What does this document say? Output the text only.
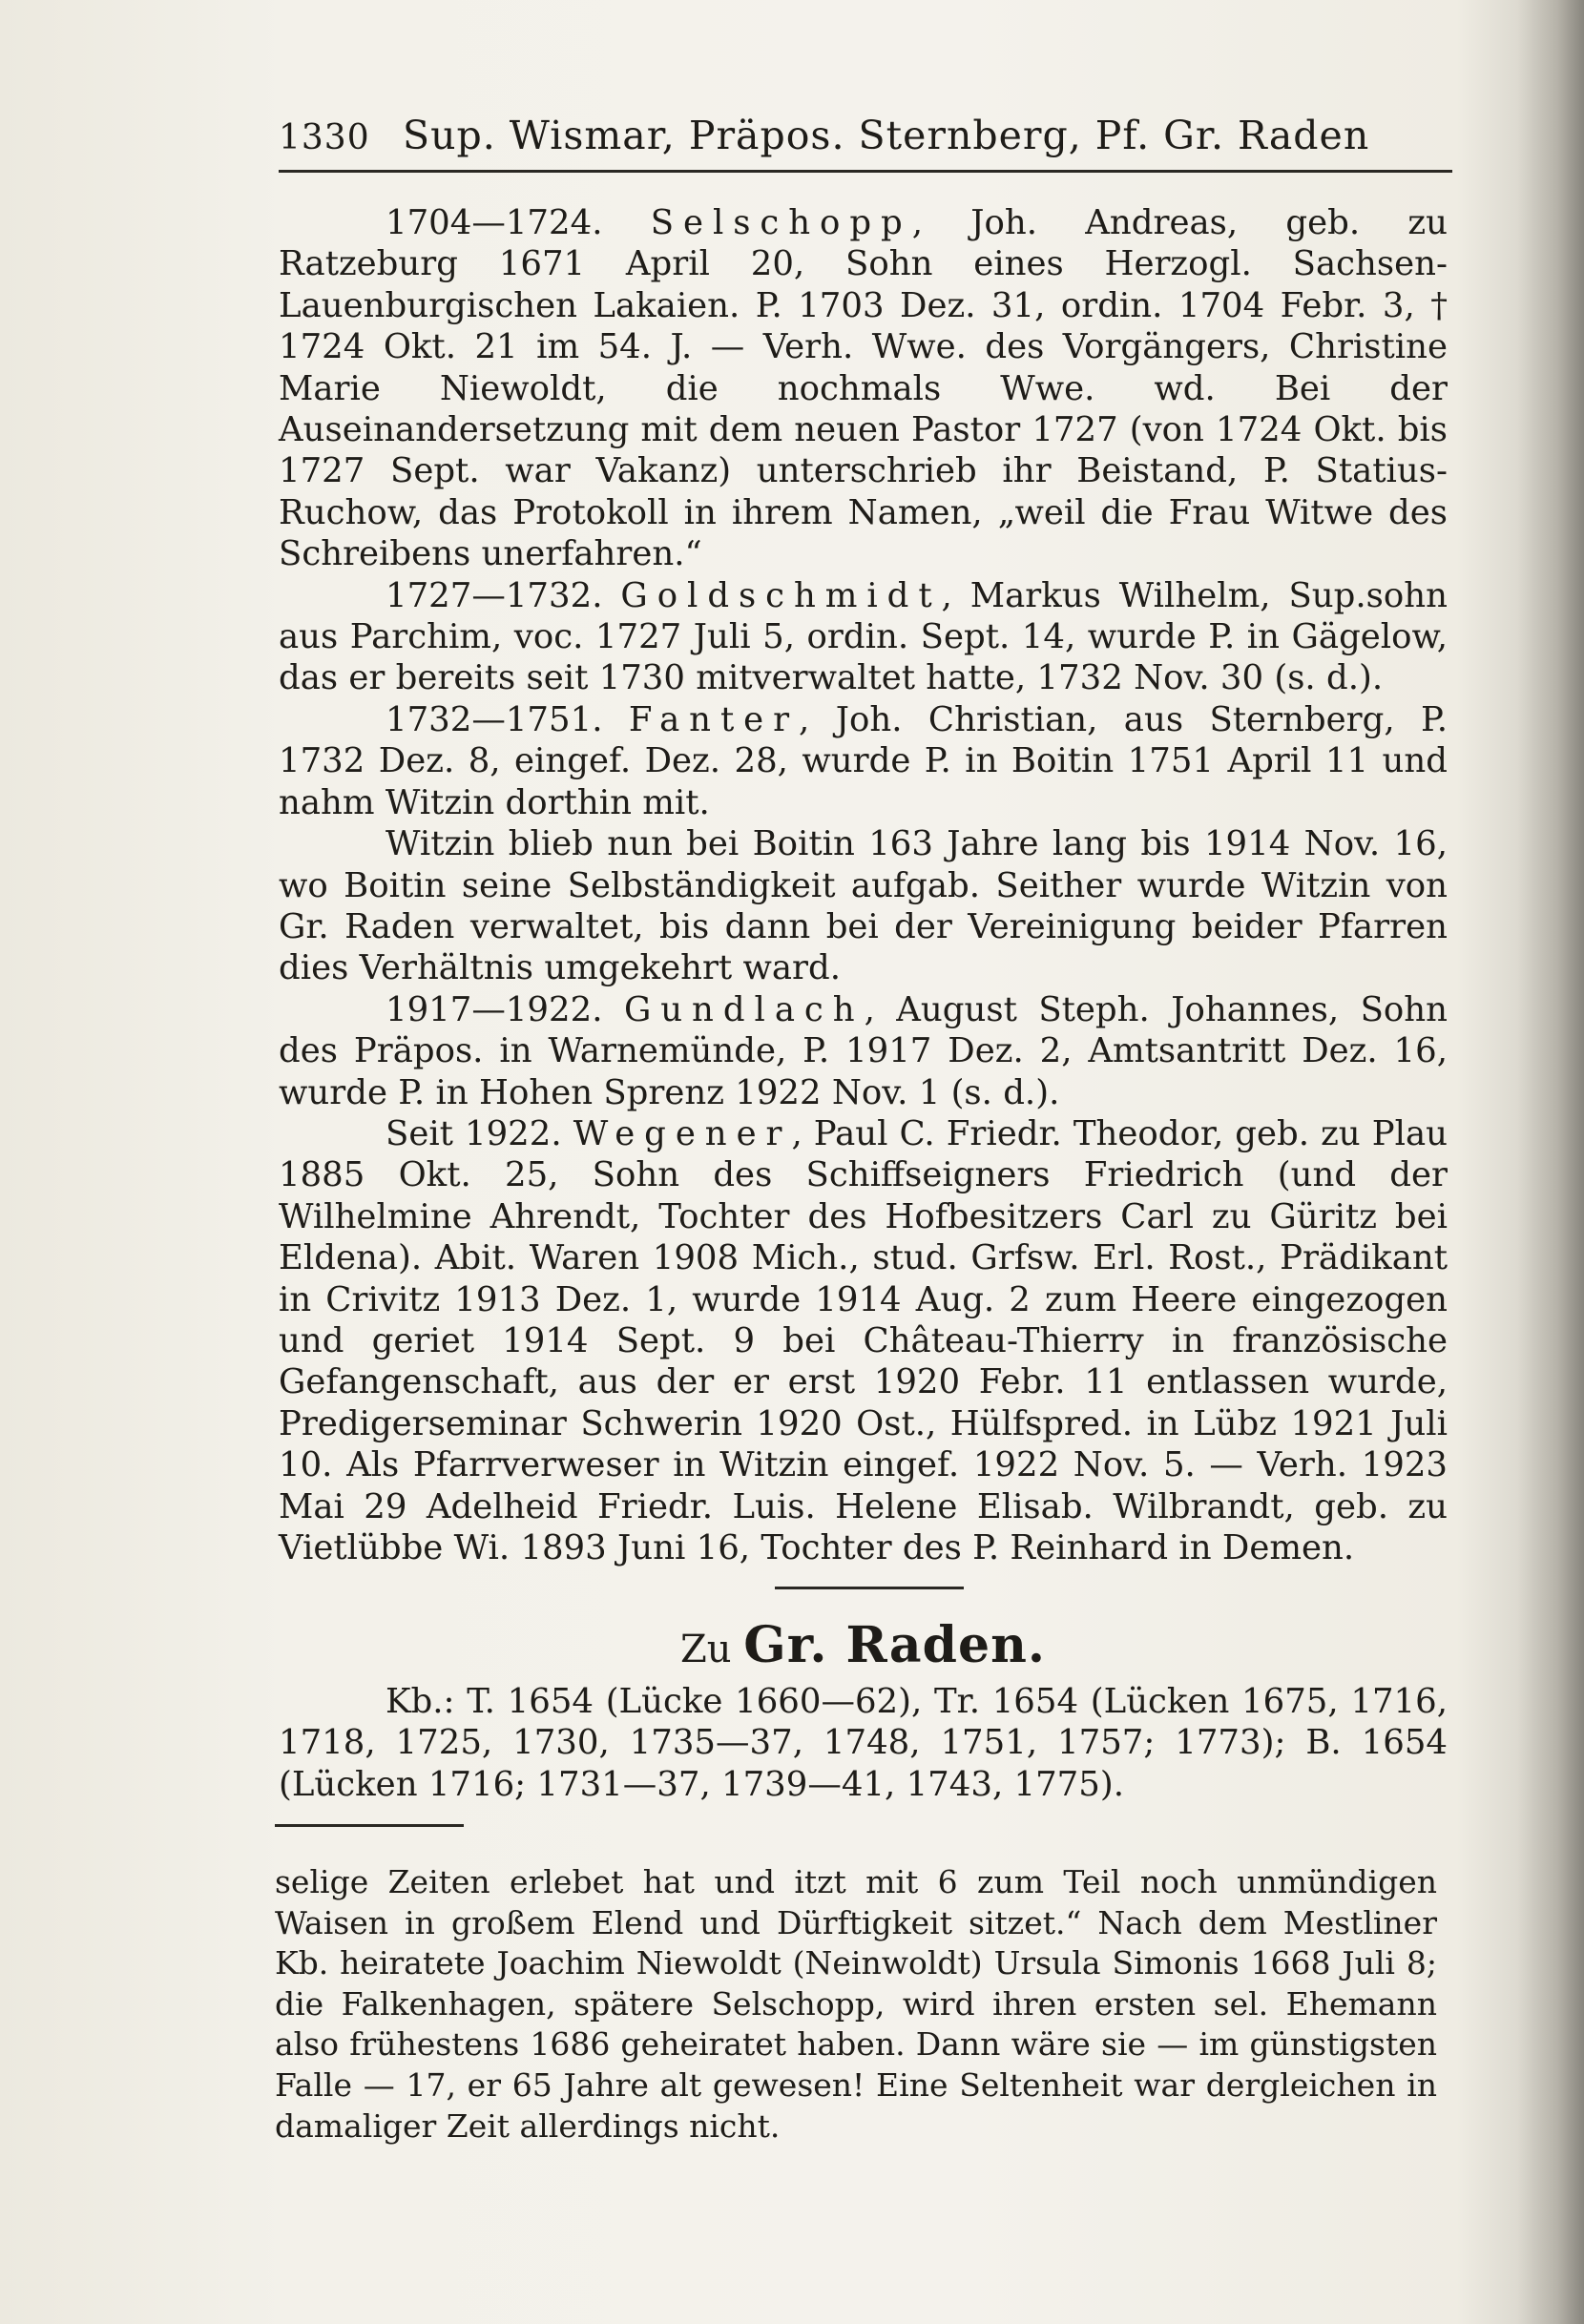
1330 Sup. Wismar, Präpos. Sternberg, Pf. Gr. Raden

1704—1724. Selschopp, Joh. Andreas, geb. zu Ratzeburg 1671 April 20, Sohn eines Herzogl. Sachsen-Lauenburgischen Lakaien. P. 1703 Dez. 31, ordin. 1704 Febr. 3, † 1724 Okt. 21 im 54. J. — Verh. Wwe. des Vorgängers, Christine Marie Niewoldt, die nochmals Wwe. wd. Bei der Auseinandersetzung mit dem neuen Pastor 1727 (von 1724 Okt. bis 1727 Sept. war Vakanz) unterschrieb ihr Beistand, P. Statius-Ruchow, das Protokoll in ihrem Namen, „weil die Frau Witwe des Schreibens unerfahren.“

1727—1732. Goldschmidt, Markus Wilhelm, Sup.sohn aus Parchim, voc. 1727 Juli 5, ordin. Sept. 14, wurde P. in Gägelow, das er bereits seit 1730 mitverwaltet hatte, 1732 Nov. 30 (s. d.).

1732—1751. Fanter, Joh. Christian, aus Sternberg, P. 1732 Dez. 8, eingef. Dez. 28, wurde P. in Boitin 1751 April 11 und nahm Witzin dorthin mit.

Witzin blieb nun bei Boitin 163 Jahre lang bis 1914 Nov. 16, wo Boitin seine Selbständigkeit aufgab. Seither wurde Witzin von Gr. Raden verwaltet, bis dann bei der Vereinigung beider Pfarren dies Verhältnis umgekehrt ward.

1917—1922. Gundlach, August Steph. Johannes, Sohn des Präpos. in Warnemünde, P. 1917 Dez. 2, Amtsantritt Dez. 16, wurde P. in Hohen Sprenz 1922 Nov. 1 (s. d.).

Seit 1922. Wegener, Paul C. Friedr. Theodor, geb. zu Plau 1885 Okt. 25, Sohn des Schiffseigners Friedrich (und der Wilhelmine Ahrendt, Tochter des Hofbesitzers Carl zu Güritz bei Eldena). Abit. Waren 1908 Mich., stud. Grfsw. Erl. Rost., Prädikant in Crivitz 1913 Dez. 1, wurde 1914 Aug. 2 zum Heere eingezogen und geriet 1914 Sept. 9 bei Château-Thierry in französische Gefangenschaft, aus der er erst 1920 Febr. 11 entlassen wurde, Predigerseminar Schwerin 1920 Ost., Hülfspred. in Lübz 1921 Juli 10. Als Pfarrverweser in Witzin eingef. 1922 Nov. 5. — Verh. 1923 Mai 29 Adelheid Friedr. Luis. Helene Elisab. Wilbrandt, geb. zu Vietlübbe Wi. 1893 Juni 16, Tochter des P. Reinhard in Demen.

Zu Gr. Raden.

Kb.: T. 1654 (Lücke 1660—62), Tr. 1654 (Lücken 1675, 1716, 1718, 1725, 1730, 1735—37, 1748, 1751, 1757; 1773); B. 1654 (Lücken 1716; 1731—37, 1739—41, 1743, 1775).

selige Zeiten erlebet hat und itzt mit 6 zum Teil noch unmündigen Waisen in großem Elend und Dürftigkeit sitzet.“ Nach dem Mestliner Kb. heiratete Joachim Niewoldt (Neinwoldt) Ursula Simonis 1668 Juli 8; die Falkenhagen, spätere Selschopp, wird ihren ersten sel. Ehemann also frühestens 1686 geheiratet haben. Dann wäre sie — im günstigsten Falle — 17, er 65 Jahre alt gewesen! Eine Seltenheit war dergleichen in damaliger Zeit allerdings nicht.
